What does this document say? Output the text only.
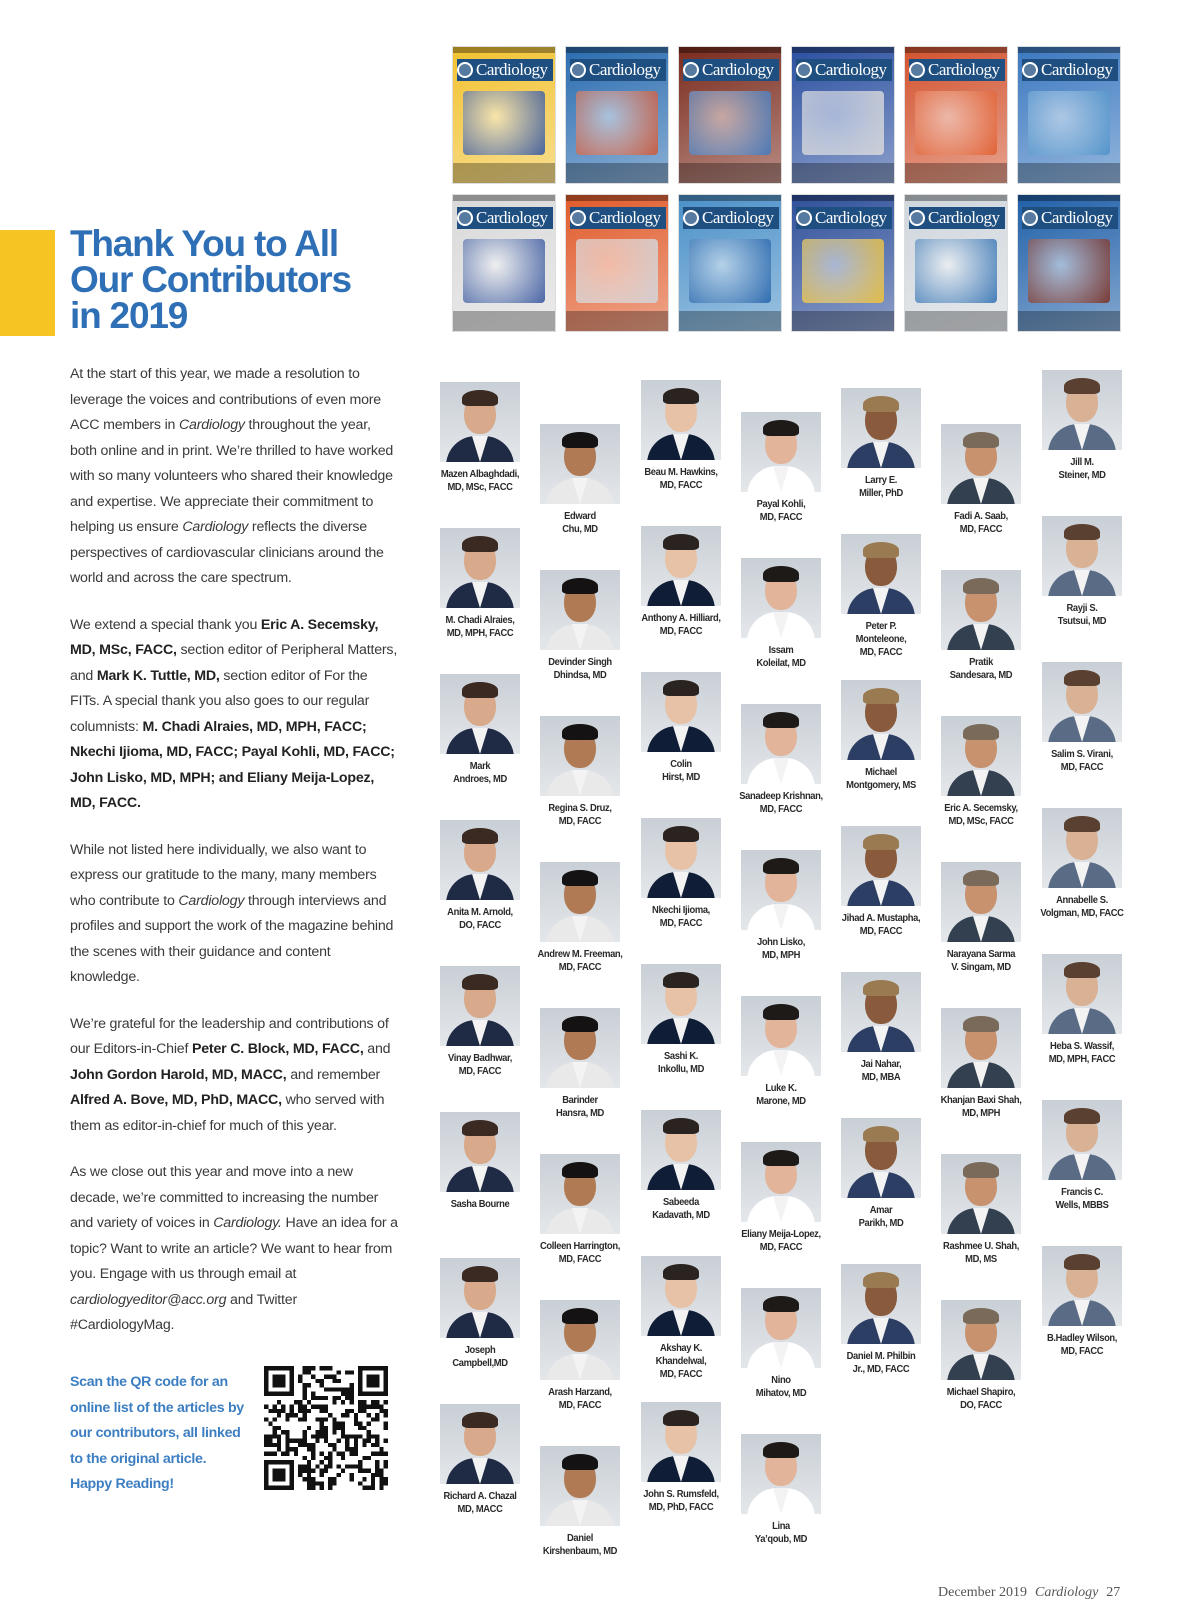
Thank You to All
Our Contributors
in 2019

At the start of this year, we made a resolution to leverage the voices and contributions of even more ACC members in Cardiology throughout the year, both online and in print. We’re thrilled to have worked with so many volunteers who shared their knowledge and expertise. We appreciate their commitment to helping us ensure Cardiology reflects the diverse perspectives of cardiovascular clinicians around the world and across the care spectrum.

We extend a special thank you Eric A. Secemsky, MD, MSc, FACC, section editor of Peripheral Matters, and Mark K. Tuttle, MD, section editor of For the FITs. A special thank you also goes to our regular columnists: M. Chadi Alraies, MD, MPH, FACC; Nkechi Ijioma, MD, FACC; Payal Kohli, MD, FACC; John Lisko, MD, MPH; and Eliany Meija-Lopez, MD, FACC.

While not listed here individually, we also want to express our gratitude to the many, many members who contribute to Cardiology through interviews and profiles and support the work of the magazine behind the scenes with their guidance and content knowledge.

We’re grateful for the leadership and contributions of our Editors-in-Chief Peter C. Block, MD, FACC, and John Gordon Harold, MD, MACC, and remember Alfred A. Bove, MD, PhD, MACC, who served with them as editor-in-chief for much of this year.

As we close out this year and move into a new decade, we’re committed to increasing the number and variety of voices in Cardiology. Have an idea for a topic? Want to write an article? We want to hear from you. Engage with us through email at cardiologyeditor@acc.org and Twitter #CardiologyMag.

Scan the QR code for an
online list of the articles by
our contributors, all linked
to the original article.
Happy Reading!
Cardiology Cardiology Cardiology Cardiology Cardiology Cardiology
Cardiology Cardiology Cardiology Cardiology Cardiology Cardiology
Mazen Albaghdadi,
MD, MSc, FACC
Edward
Chu, MD
Beau M. Hawkins,
MD, FACC
Payal Kohli,
MD, FACC
Larry E.
Miller, PhD
Fadi A. Saab,
MD, FACC
Jill M.
Steiner, MD
M. Chadi Alraies,
MD, MPH, FACC
Devinder Singh
Dhindsa, MD
Anthony A. Hilliard,
MD, FACC
Issam
Koleilat, MD
Peter P.
Monteleone,
MD, FACC
Pratik
Sandesara, MD
Rayji S.
Tsutsui, MD
Mark
Androes, MD
Regina S. Druz,
MD, FACC
Colin
Hirst, MD
Sanadeep Krishnan,
MD, FACC
Michael
Montgomery, MS
Eric A. Secemsky,
MD, MSc, FACC
Salim S. Virani,
MD, FACC
Anita M. Arnold,
DO, FACC
Andrew M. Freeman,
MD, FACC
Nkechi Ijioma,
MD, FACC
John Lisko,
MD, MPH
Jihad A. Mustapha,
MD, FACC
Narayana Sarma
V. Singam, MD
Annabelle S.
Volgman, MD, FACC
Vinay Badhwar,
MD, FACC
Barinder
Hansra, MD
Sashi K.
Inkollu, MD
Luke K.
Marone, MD
Jai Nahar,
MD, MBA
Khanjan Baxi Shah,
MD, MPH
Heba S. Wassif,
MD, MPH, FACC
Sasha Bourne
Colleen Harrington,
MD, FACC
Sabeeda
Kadavath, MD
Eliany Meija-Lopez,
MD, FACC
Amar
Parikh, MD
Rashmee U. Shah,
MD, MS
Francis C.
Wells, MBBS
Joseph
Campbell,MD
Arash Harzand,
MD, FACC
Akshay K.
Khandelwal,
MD, FACC
Nino
Mihatov, MD
Daniel M. Philbin
Jr., MD, FACC
Michael Shapiro,
DO, FACC
B.Hadley Wilson,
MD, FACC
Richard A. Chazal
MD, MACC
Daniel
Kirshenbaum, MD
John S. Rumsfeld,
MD, PhD, FACC
Lina
Ya’qoub, MD
December 2019 Cardiology 27
